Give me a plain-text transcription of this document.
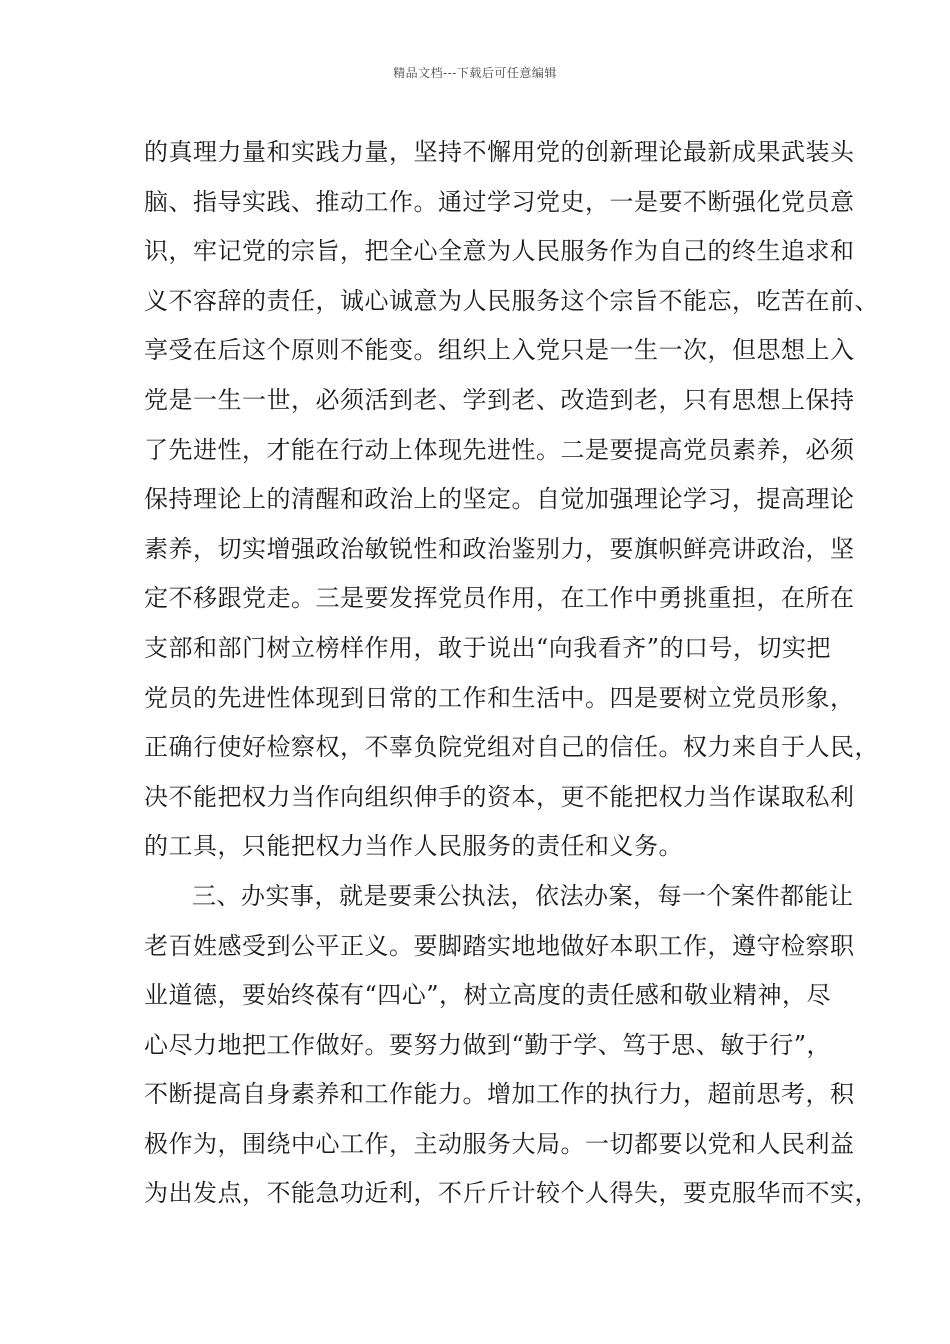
精品文档---下载后可任意编辑
的真理力量和实践力量，坚持不懈用党的创新理论最新成果武装头
脑、指导实践、推动工作。通过学习党史，一是要不断强化党员意
识，牢记党的宗旨，把全心全意为人民服务作为自己的终生追求和
义不容辞的责任，诚心诚意为人民服务这个宗旨不能忘，吃苦在前、
享受在后这个原则不能变。组织上入党只是一生一次，但思想上入
党是一生一世，必须活到老、学到老、改造到老，只有思想上保持
了先进性，才能在行动上体现先进性。二是要提高党员素养，必须
保持理论上的清醒和政治上的坚定。自觉加强理论学习，提高理论
素养，切实增强政治敏锐性和政治鉴别力，要旗帜鲜亮讲政治，坚
定不移跟党走。三是要发挥党员作用，在工作中勇挑重担，在所在
支部和部门树立榜样作用，敢于说出“向我看齐”的口号，切实把
党员的先进性体现到日常的工作和生活中。四是要树立党员形象，
正确行使好检察权，不辜负院党组对自己的信任。权力来自于人民，
决不能把权力当作向组织伸手的资本，更不能把权力当作谋取私利
的工具，只能把权力当作人民服务的责任和义务。
三、办实事，就是要秉公执法，依法办案，每一个案件都能让
老百姓感受到公平正义。要脚踏实地地做好本职工作，遵守检察职
业道德，要始终葆有“四心”，树立高度的责任感和敬业精神，尽
心尽力地把工作做好。要努力做到“勤于学、笃于思、敏于行”，
不断提高自身素养和工作能力。增加工作的执行力，超前思考，积
极作为，围绕中心工作，主动服务大局。一切都要以党和人民利益
为出发点，不能急功近利，不斤斤计较个人得失，要克服华而不实，
